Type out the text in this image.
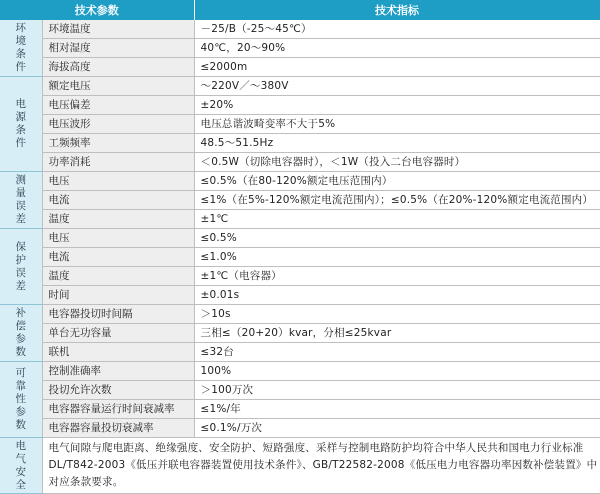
技术参数		技术指标
环境条件	环境温度	－25/B（-25～45℃）
	相对湿度	40℃，20～90%
	海拔高度	≤2000m
电源条件	额定电压	～220V／～380V
	电压偏差	±20%
	电压波形	电压总谐波畸变率不大于5%
	工频频率	48.5～51.5Hz
	功率消耗	＜0.5W（切除电容器时），＜1W（投入二台电容器时）
测量误差	电压	≤0.5%（在80-120%额定电压范围内）
	电流	≤1%（在5%-120%额定电流范围内）；≤0.5%（在20%-120%额定电流范围内）
	温度	±1℃
保护误差	电压	≤0.5%
	电流	≤1.0%
	温度	±1℃（电容器）
	时间	±0.01s
补偿参数	电容器投切时间隔	＞10s
	单台无功容量	三相≤（20+20）kvar，分相≤25kvar
	联机	≤32台
可靠性参数	控制准确率	100%
	投切允许次数	＞100万次
	电容器容量运行时间衰减率	≤1%/年
	电容器容量投切衰减率	≤0.1%/万次
电气安全	电气间隙与爬电距离、绝缘强度、安全防护、短路强度、采样与控制电路防护均符合中华人民共和国电力行业标准DL/T842-2003《低压并联电容器装置使用技术条件》、GB/T22582-2008《低压电力电容器功率因数补偿装置》中对应条款要求。	
